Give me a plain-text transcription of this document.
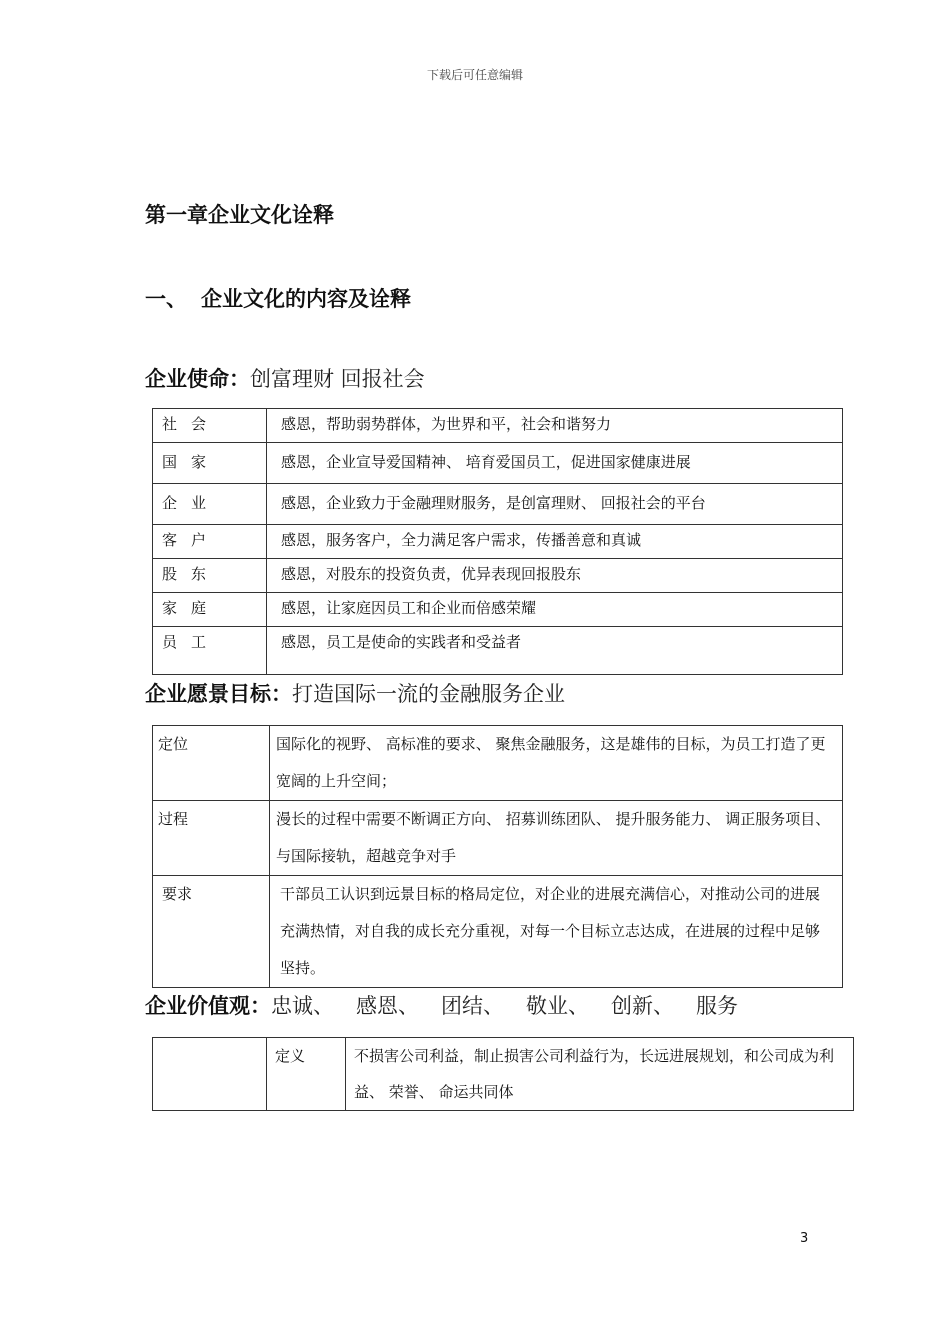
下载后可任意编辑
第一章企业文化诠释
一、 企业文化的内容及诠释
企业使命：创富理财 回报社会
社会	感恩，帮助弱势群体，为世界和平，社会和谐努力
国家	感恩，企业宣导爱国精神、 培育爱国员工，促进国家健康进展
企业	感恩，企业致力于金融理财服务，是创富理财、 回报社会的平台
客户	感恩，服务客户，全力满足客户需求，传播善意和真诚
股东	感恩，对股东的投资负责，优异表现回报股东
家庭	感恩，让家庭因员工和企业而倍感荣耀
员工	感恩，员工是使命的实践者和受益者
企业愿景目标：打造国际一流的金融服务企业
定位	国际化的视野、 高标准的要求、 聚焦金融服务，这是雄伟的目标，为员工打造了更宽阔的上升空间；
过程	漫长的过程中需要不断调正方向、 招募训练团队、 提升服务能力、 调正服务项目、 与国际接轨，超越竞争对手
要求	干部员工认识到远景目标的格局定位，对企业的进展充满信心，对推动公司的进展充满热情，对自我的成长充分重视，对每一个目标立志达成，在进展的过程中足够坚持。
企业价值观：忠诚、 感恩、 团结、 敬业、 创新、 服务
	定义	不损害公司利益，制止损害公司利益行为，长远进展规划，和公司成为利益、 荣誉、 命运共同体
3
